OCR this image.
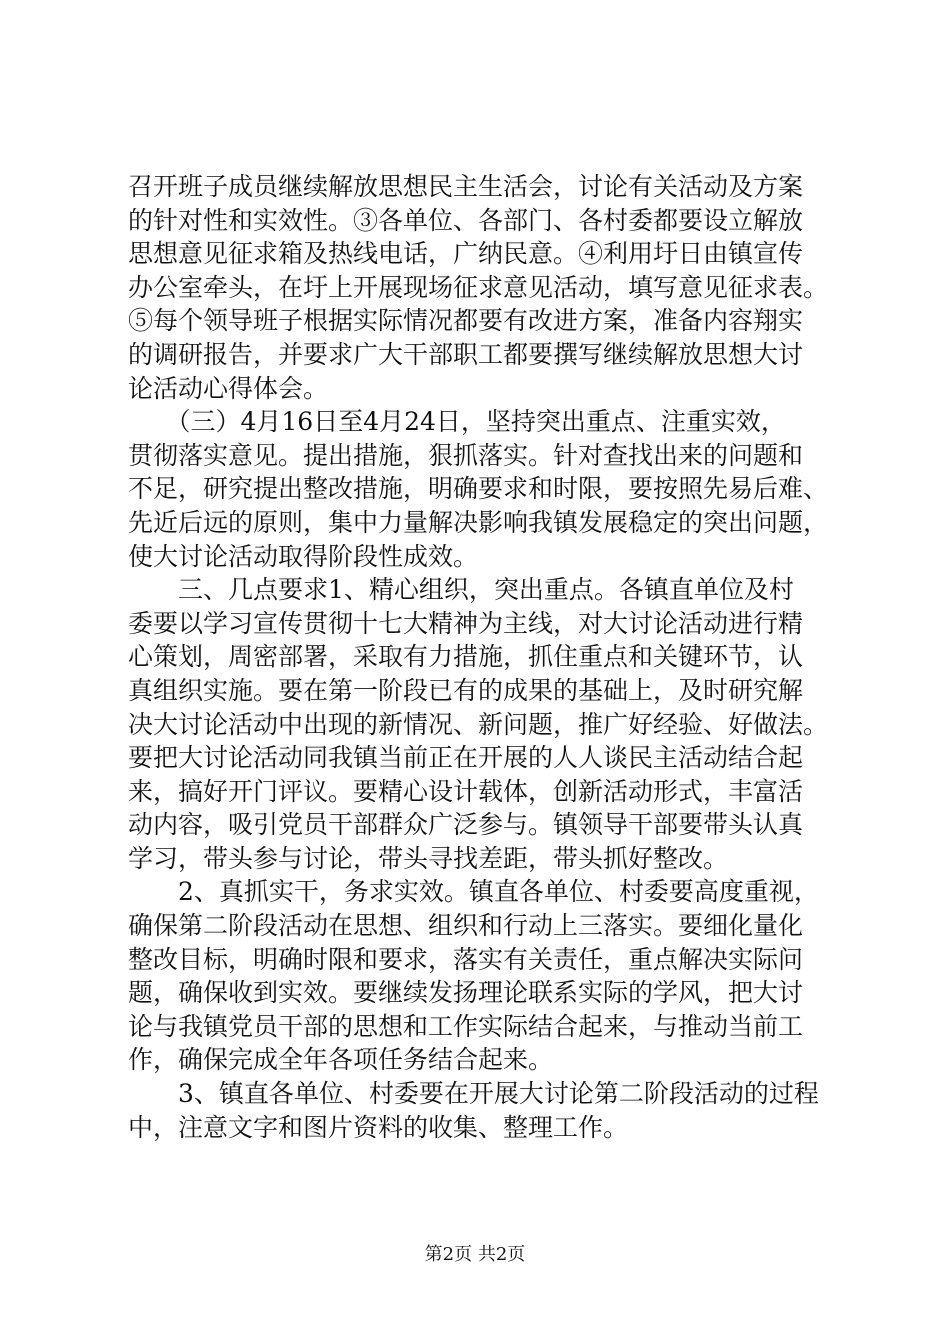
召开班子成员继续解放思想民主生活会，讨论有关活动及方案
的针对性和实效性。③各单位、各部门、各村委都要设立解放
思想意见征求箱及热线电话，广纳民意。④利用圩日由镇宣传
办公室牵头，在圩上开展现场征求意见活动，填写意见征求表。
⑤每个领导班子根据实际情况都要有改进方案，准备内容翔实
的调研报告，并要求广大干部职工都要撰写继续解放思想大讨
论活动心得体会。
　　（三）4月16日至4月24日，坚持突出重点、注重实效，
贯彻落实意见。提出措施，狠抓落实。针对查找出来的问题和
不足，研究提出整改措施，明确要求和时限，要按照先易后难、
先近后远的原则，集中力量解决影响我镇发展稳定的突出问题，
使大讨论活动取得阶段性成效。
　　三、几点要求1、精心组织，突出重点。各镇直单位及村
委要以学习宣传贯彻十七大精神为主线，对大讨论活动进行精
心策划，周密部署，采取有力措施，抓住重点和关键环节，认
真组织实施。要在第一阶段已有的成果的基础上，及时研究解
决大讨论活动中出现的新情况、新问题，推广好经验、好做法。
要把大讨论活动同我镇当前正在开展的人人谈民主活动结合起
来，搞好开门评议。要精心设计载体，创新活动形式，丰富活
动内容，吸引党员干部群众广泛参与。镇领导干部要带头认真
学习，带头参与讨论，带头寻找差距，带头抓好整改。
　　2、真抓实干，务求实效。镇直各单位、村委要高度重视，
确保第二阶段活动在思想、组织和行动上三落实。要细化量化
整改目标，明确时限和要求，落实有关责任，重点解决实际问
题，确保收到实效。要继续发扬理论联系实际的学风，把大讨
论与我镇党员干部的思想和工作实际结合起来，与推动当前工
作，确保完成全年各项任务结合起来。
　　3、镇直各单位、村委要在开展大讨论第二阶段活动的过程
中，注意文字和图片资料的收集、整理工作。
第2页 共2页
